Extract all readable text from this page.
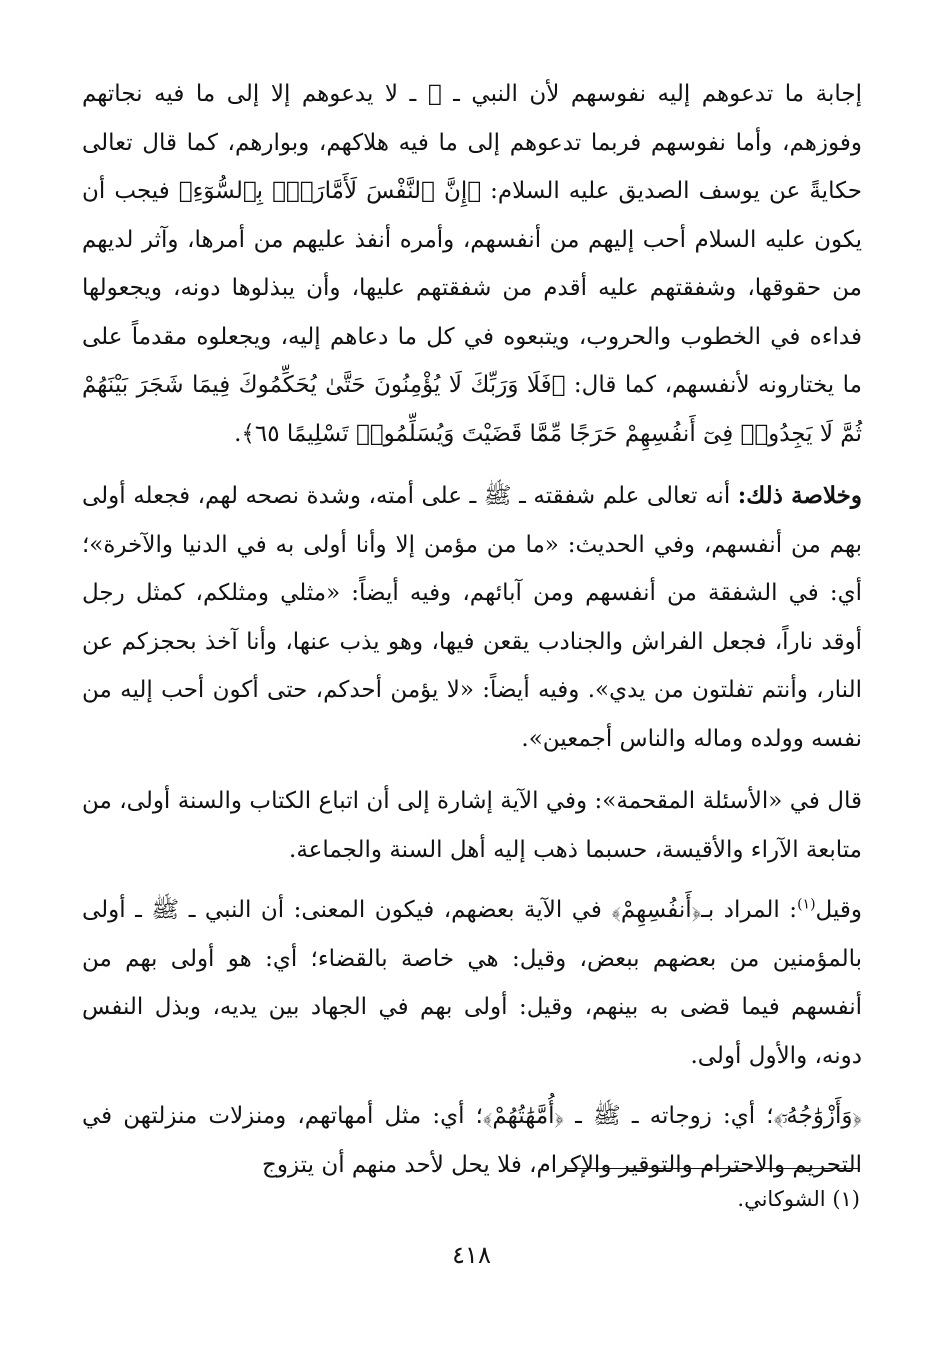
إجابة ما تدعوهم إليه نفوسهم لأن النبي ـ ﷺ ـ لا يدعوهم إلا إلى ما فيه نجاتهم وفوزهم، وأما نفوسهم فربما تدعوهم إلى ما فيه هلاكهم، وبوارهم، كما قال تعالى حكايةً عن يوسف الصديق عليه السلام: ﴿إِنَّ ٱلنَّفْسَ لَأَمَّارَةٌۢ بِٱلسُّوٓءِ﴾ فيجب أن يكون عليه السلام أحب إليهم من أنفسهم، وأمره أنفذ عليهم من أمرها، وآثر لديهم من حقوقها، وشفقتهم عليه أقدم من شفقتهم عليها، وأن يبذلوها دونه، ويجعولها فداءه في الخطوب والحروب، ويتبعوه في كل ما دعاهم إليه، ويجعلوه مقدماً على ما يختارونه لأنفسهم، كما قال: ﴿فَلَا وَرَبِّكَ لَا يُؤْمِنُونَ حَتَّىٰ يُحَكِّمُوكَ فِيمَا شَجَرَ بَيْنَهُمْ ثُمَّ لَا يَجِدُوا۟ فِىٓ أَنفُسِهِمْ حَرَجًا مِّمَّا قَضَيْتَ وَيُسَلِّمُوا۟ تَسْلِيمًا ٦٥﴾.

وخلاصة ذلك: أنه تعالى علم شفقته ـ ﷺ ـ على أمته، وشدة نصحه لهم، فجعله أولى بهم من أنفسهم، وفي الحديث: «ما من مؤمن إلا وأنا أولى به في الدنيا والآخرة»؛ أي: في الشفقة من أنفسهم ومن آبائهم، وفيه أيضاً: «مثلي ومثلكم، كمثل رجل أوقد ناراً، فجعل الفراش والجنادب يقعن فيها، وهو يذب عنها، وأنا آخذ بحجزكم عن النار، وأنتم تفلتون من يدي». وفيه أيضاً: «لا يؤمن أحدكم، حتى أكون أحب إليه من نفسه وولده وماله والناس أجمعين».

قال في «الأسئلة المقحمة»: وفي الآية إشارة إلى أن اتباع الكتاب والسنة أولى، من متابعة الآراء والأقيسة، حسبما ذهب إليه أهل السنة والجماعة.

وقيل$^{(١)}$: المراد بـ﴿أَنفُسِهِمْ﴾ في الآية بعضهم، فيكون المعنى: أن النبي ـ ﷺ ـ أولى بالمؤمنين من بعضهم ببعض، وقيل: هي خاصة بالقضاء؛ أي: هو أولى بهم من أنفسهم فيما قضى به بينهم، وقيل: أولى بهم في الجهاد بين يديه، وبذل النفس دونه، والأول أولى.

﴿وَأَزْوَٰجُهُۥٓ﴾؛ أي: زوجاته ـ ﷺ ـ ﴿أُمَّهَٰتُهُمْ﴾؛ أي: مثل أمهاتهم، ومنزلات منزلتهن في التحريم والاحترام والتوقير والإكرام، فلا يحل لأحد منهم أن يتزوج

(١) الشوكاني.
٤١٨
